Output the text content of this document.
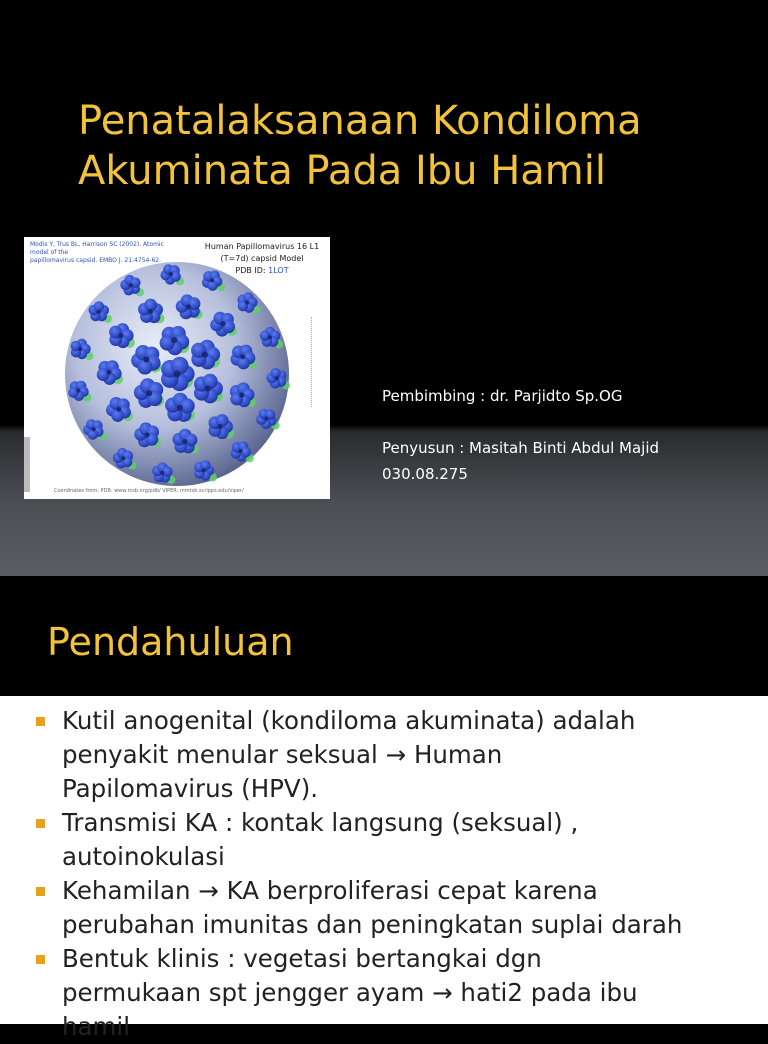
Penatalaksanaan Kondiloma
Akuminata Pada Ibu Hamil
Modis Y, Trus BL, Harrison SC (2002). Atomic model of the
papillomavirus capsid. EMBO J. 21:4754-62.
Human Papillomavirus 16 L1
(T=7d) capsid Model
PDB ID: 1LOT
Coordinates from: PDB: www.rcsb.org/pdb/ VIPER: mmtsb.scripps.edu/viper/
Pembimbing : dr. Parjidto Sp.OG
Penyusun : Masitah Binti Abdul Majid
030.08.275
Pendahuluan
Kutil anogenital (kondiloma akuminata) adalah
penyakit menular seksual → Human
Papilomavirus (HPV).
Transmisi KA : kontak langsung (seksual) ,
autoinokulasi
Kehamilan → KA berproliferasi cepat karena
perubahan imunitas dan peningkatan suplai darah
Bentuk klinis : vegetasi bertangkai dgn
permukaan spt jengger ayam → hati2 pada ibu
hamil
